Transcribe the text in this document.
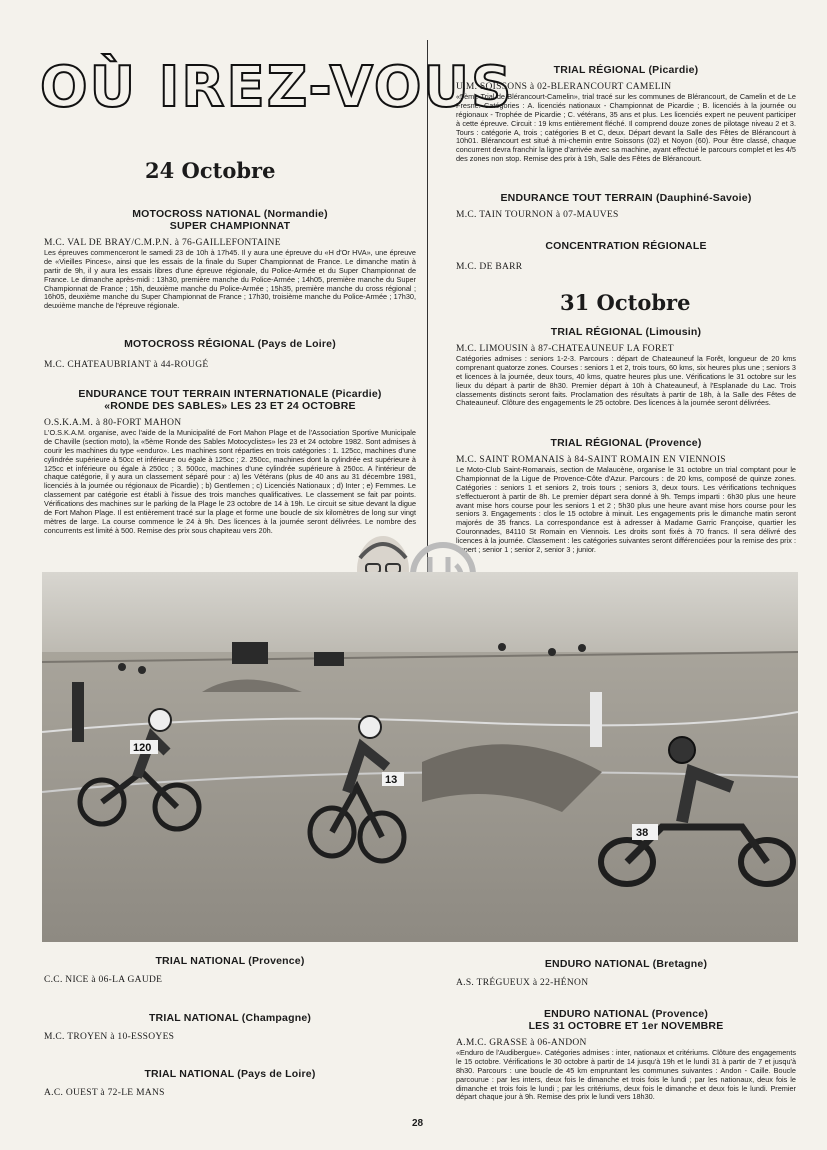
OÙ IREZ-VOUS
24 Octobre
MOTOCROSS NATIONAL (Normandie)
SUPER CHAMPIONNAT
M.C. VAL DE BRAY/C.M.P.N. à 76-GAILLEFONTAINE

Les épreuves commenceront le samedi 23 de 10h à 17h45. Il y aura une épreuve du «H d'Or HVA», une épreuve de «Vieilles Pinces», ainsi que les essais de la finale du Super Championnat de France. Le dimanche matin à partir de 9h, il y aura les essais libres d'une épreuve régionale, du Police-Armée et du Super Championnat de France. Le dimanche après-midi : 13h30, première manche du Police-Armée ; 14h05, première manche du Super Championnat de France ; 15h, deuxième manche du Police-Armée ; 15h35, première manche du cross régional ; 16h05, deuxième manche du Super Championnat de France ; 17h30, troisième manche du Police-Armée ; 17h30, deuxième manche de l'épreuve régionale.

MOTOCROSS RÉGIONAL (Pays de Loire)
M.C. CHATEAUBRIANT à 44-ROUGÉ
ENDURANCE TOUT TERRAIN INTERNATIONALE (Picardie)
«RONDE DES SABLES» LES 23 ET 24 OCTOBRE
O.S.K.A.M. à 80-FORT MAHON

L'O.S.K.A.M. organise, avec l'aide de la Municipalité de Fort Mahon Plage et de l'Association Sportive Municipale de Chaville (section moto), la «5ème Ronde des Sables Motocyclistes» les 23 et 24 octobre 1982. Sont admises à courir les machines du type «enduro». Les machines sont réparties en trois catégories : 1. 125cc, machines d'une cylindrée supérieure à 50cc et inférieure ou égale à 125cc ; 2. 250cc, machines dont la cylindrée est supérieure à 125cc et inférieure ou égale à 250cc ; 3. 500cc, machines d'une cylindrée supérieure à 250cc. A l'intérieur de chaque catégorie, il y aura un classement séparé pour : a) les Vétérans (plus de 40 ans au 31 décembre 1981, licenciés à la journée ou régionaux de Picardie) ; b) Gentlemen ; c) Licenciés Nationaux ; d) Inter ; e) Femmes. Le classement par catégorie est établi à l'issue des trois manches qualificatives. Le classement se fait par points. Vérifications des machines sur le parking de la Plage le 23 octobre de 14 à 19h. Le circuit se situe devant la digue de Fort Mahon Plage. Il est entièrement tracé sur la plage et forme une boucle de six kilomètres de long sur vingt mètres de large. La course commence le 24 à 9h. Des licences à la journée seront délivrées. Le nombre des concurrents est limité à 500. Remise des prix sous chapiteau vers 20h.

TRIAL RÉGIONAL (Picardie)
U.M. SOISSONS à 02-BLERANCOURT CAMELIN

«5ème Trial de Blérancourt-Camelin», trial tracé sur les communes de Blérancourt, de Camelin et de Le Fresne. Catégories : A. licenciés nationaux - Championnat de Picardie ; B. licenciés à la journée ou régionaux - Trophée de Picardie ; C. vétérans, 35 ans et plus. Les licenciés expert ne peuvent participer à cette épreuve. Circuit : 19 kms entièrement fléché. Il comprend douze zones de pilotage niveau 2 et 3. Tours : catégorie A, trois ; catégories B et C, deux. Départ devant la Salle des Fêtes de Blérancourt à 10h01. Blérancourt est situé à mi-chemin entre Soissons (02) et Noyon (60). Pour être classé, chaque concurrent devra franchir la ligne d'arrivée avec sa machine, ayant effectué le parcours complet et les 4/5 des zones non stop. Remise des prix à 19h, Salle des Fêtes de Blérancourt.

ENDURANCE TOUT TERRAIN (Dauphiné-Savoie)
M.C. TAIN TOURNON à 07-MAUVES
CONCENTRATION RÉGIONALE
M.C. DE BARR
31 Octobre
TRIAL RÉGIONAL (Limousin)
M.C. LIMOUSIN à 87-CHATEAUNEUF LA FORET

Catégories admises : seniors 1-2-3. Parcours : départ de Chateauneuf la Forêt, longueur de 20 kms comprenant quatorze zones. Courses : seniors 1 et 2, trois tours, 60 kms, six heures plus une ; seniors 3 et licences à la journée, deux tours, 40 kms, quatre heures plus une. Vérifications le 31 octobre sur les lieux du départ à partir de 8h30. Premier départ à 10h à Chateauneuf, à l'Esplanade du Lac. Trois classements distincts seront faits. Proclamation des résultats à partir de 18h, à la Salle des Fêtes de Chateauneuf. Clôture des engagements le 25 octobre. Des licences à la journée seront délivrées.

TRIAL RÉGIONAL (Provence)
M.C. SAINT ROMANAIS à 84-SAINT ROMAIN EN VIENNOIS

Le Moto-Club Saint-Romanais, section de Malaucène, organise le 31 octobre un trial comptant pour le Championnat de la Ligue de Provence-Côte d'Azur. Parcours : de 20 kms, composé de quinze zones. Catégories : seniors 1 et seniors 2, trois tours ; seniors 3, deux tours. Les vérifications techniques s'effectueront à partir de 8h. Le premier départ sera donné à 9h. Temps imparti : 6h30 plus une heure avant mise hors course pour les seniors 1 et 2 ; 5h30 plus une heure avant mise hors course pour les seniors 3. Engagements : clos le 15 octobre à minuit. Les engagements pris le dimanche matin seront majorés de 35 francs. La correspondance est à adresser à Madame Garric Françoise, quartier les Couronnades, 84110 St Romain en Viennois. Les droits sont fixés à 70 francs. Il sera délivré des licences à la journée. Classement : les catégories suivantes seront différenciées pour la remise des prix : expert ; senior 1 ; senior 2, senior 3 ; junior.

120
13
38
TRIAL NATIONAL (Provence)
C.C. NICE à 06-LA GAUDE
TRIAL NATIONAL (Champagne)
M.C. TROYEN à 10-ESSOYES
TRIAL NATIONAL (Pays de Loire)
A.C. OUEST à 72-LE MANS
ENDURO NATIONAL (Bretagne)
A.S. TRÉGUEUX à 22-HÉNON
ENDURO NATIONAL (Provence)
LES 31 OCTOBRE ET 1er NOVEMBRE
A.M.C. GRASSE à 06-ANDON

«Enduro de l'Audibergue». Catégories admises : inter, nationaux et critériums. Clôture des engagements le 15 octobre. Vérifications le 30 octobre à partir de 14 jusqu'à 19h et le lundi 31 à partir de 7 et jusqu'à 8h30. Parcours : une boucle de 45 km empruntant les communes suivantes : Andon - Caille. Boucle parcourue : par les inters, deux fois le dimanche et trois fois le lundi ; par les nationaux, deux fois le dimanche et trois fois le lundi ; par les critériums, deux fois le dimanche et deux fois le lundi. Premier départ chaque jour à 9h. Remise des prix le lundi vers 18h30.

28
